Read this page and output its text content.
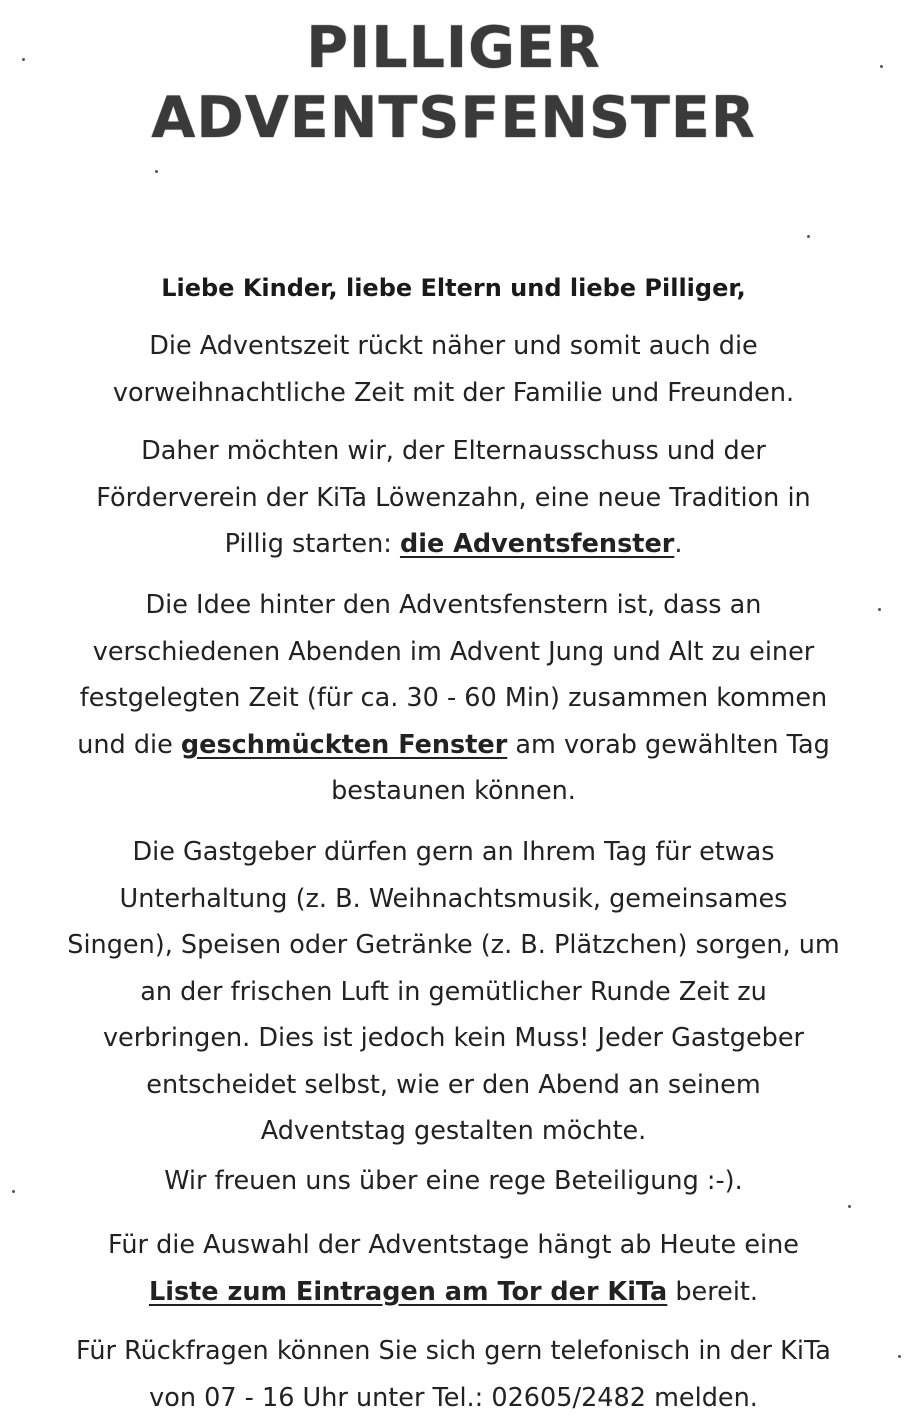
PILLIGER
ADVENTSFENSTER
Liebe Kinder, liebe Eltern und liebe Pilliger,
Die Adventszeit rückt näher und somit auch die
vorweihnachtliche Zeit mit der Familie und Freunden.
Daher möchten wir, der Elternausschuss und der
Förderverein der KiTa Löwenzahn, eine neue Tradition in
Pillig starten: die Adventsfenster.
Die Idee hinter den Adventsfenstern ist, dass an
verschiedenen Abenden im Advent Jung und Alt zu einer
festgelegten Zeit (für ca. 30 - 60 Min) zusammen kommen
und die geschmückten Fenster am vorab gewählten Tag
bestaunen können.
Die Gastgeber dürfen gern an Ihrem Tag für etwas
Unterhaltung (z. B. Weihnachtsmusik, gemeinsames
Singen), Speisen oder Getränke (z. B. Plätzchen) sorgen, um
an der frischen Luft in gemütlicher Runde Zeit zu
verbringen. Dies ist jedoch kein Muss! Jeder Gastgeber
entscheidet selbst, wie er den Abend an seinem
Adventstag gestalten möchte.
Wir freuen uns über eine rege Beteiligung :-).
Für die Auswahl der Adventstage hängt ab Heute eine
Liste zum Eintragen am Tor der KiTa bereit.
Für Rückfragen können Sie sich gern telefonisch in der KiTa
von 07 - 16 Uhr unter Tel.: 02605/2482 melden.
